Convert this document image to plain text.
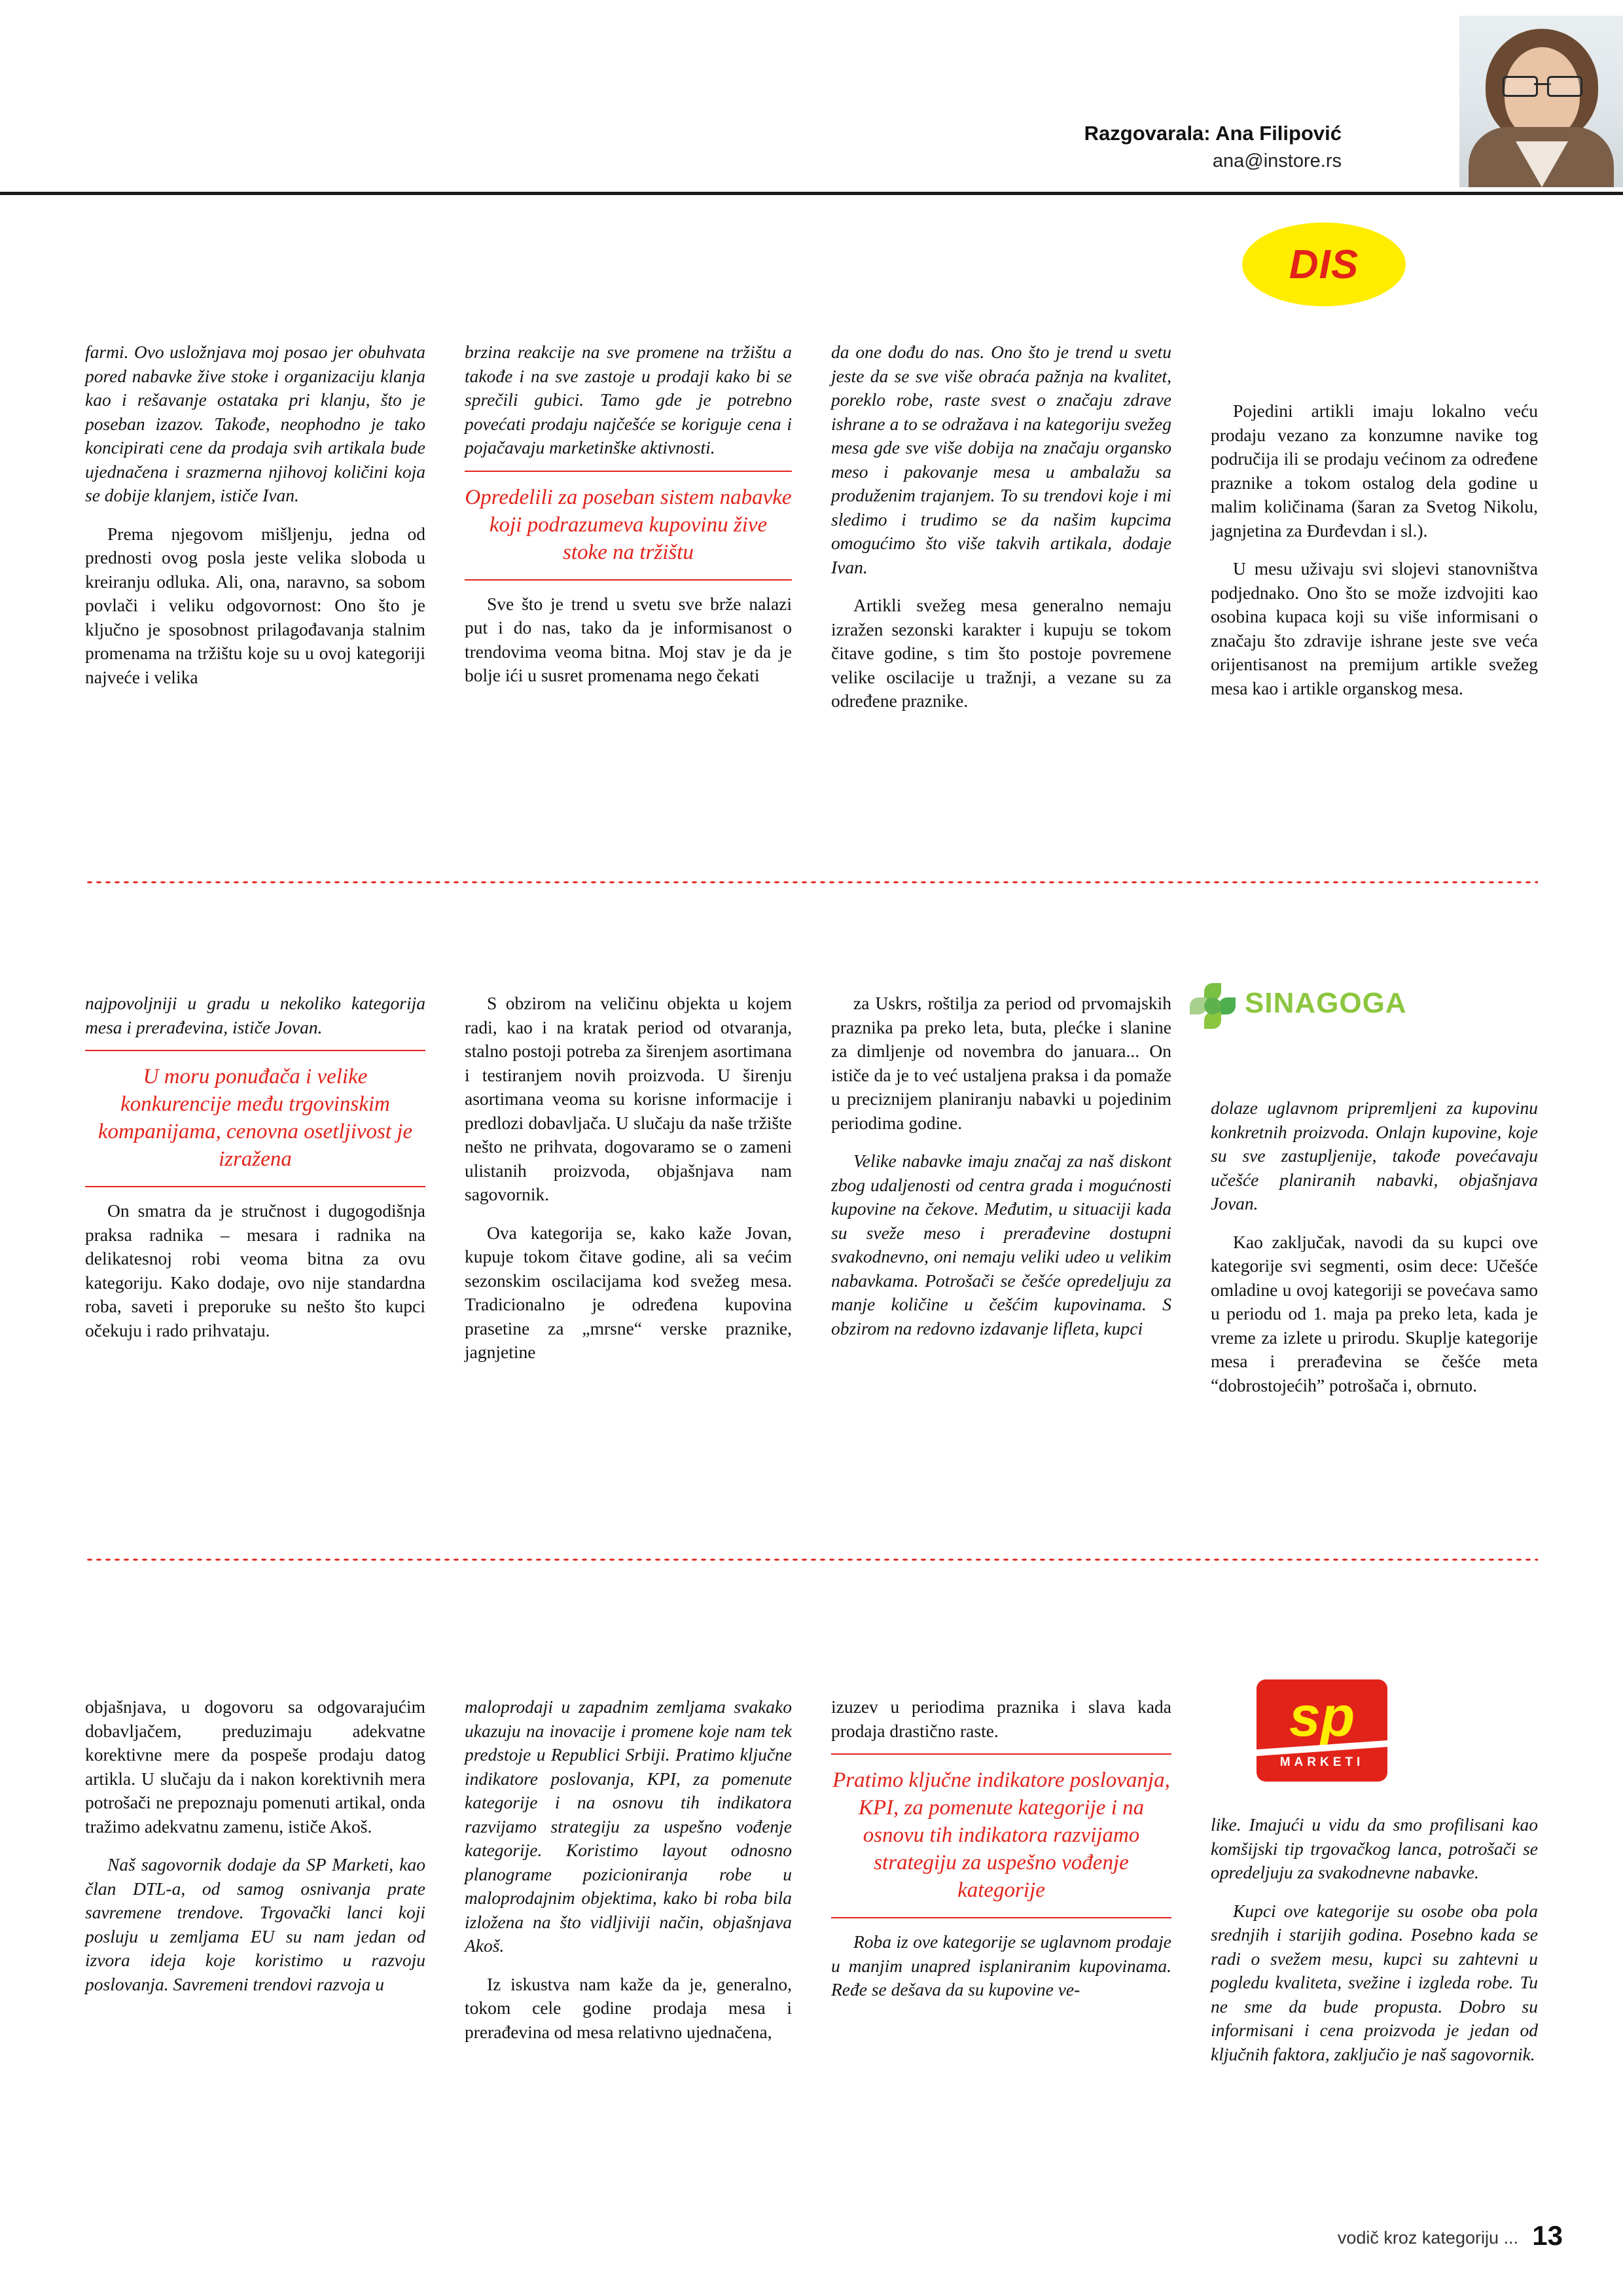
Razgovarala: Ana Filipović
ana@instore.rs
DIS

farmi. Ovo usložnjava moj posao jer obuhvata pored nabavke žive stoke i organizaciju klanja kao i rešavanje ostataka pri klanju, što je poseban izazov. Takođe, neophodno je tako koncipirati cene da prodaja svih artikala bude ujednačena i srazmerna njihovoj količini koja se dobije klanjem, ističe Ivan.

Prema njegovom mišljenju, jedna od prednosti ovog posla jeste velika sloboda u kreiranju odluka. Ali, ona, naravno, sa sobom povlači i veliku odgovornost: Ono što je ključno je sposobnost prilagođavanja stalnim promenama na tržištu koje su u ovoj kategoriji najveće i velika

brzina reakcije na sve promene na tržištu a takođe i na sve zastoje u prodaji kako bi se sprečili gubici. Tamo gde je potrebno povećati prodaju najčešće se koriguje cena i pojačavaju marketinške aktivnosti.

Opredelili za poseban sistem nabavke koji podrazumeva kupovinu žive stoke na tržištu

Sve što je trend u svetu sve brže nalazi put i do nas, tako da je informisanost o trendovima veoma bitna. Moj stav je da je bolje ići u susret promenama nego čekati

da one dođu do nas. Ono što je trend u svetu jeste da se sve više obraća pažnja na kvalitet, poreklo robe, raste svest o značaju zdrave ishrane a to se odražava i na kategoriju svežeg mesa gde sve više dobija na značaju organsko meso i pakovanje mesa u ambalažu sa produženim trajanjem. To su trendovi koje i mi sledimo i trudimo se da našim kupcima omogućimo što više takvih artikala, dodaje Ivan.

Artikli svežeg mesa generalno nemaju izražen sezonski karakter i kupuju se tokom čitave godine, s tim što postoje povremene velike oscilacije u tražnji, a vezane su za određene praznike.

Pojedini artikli imaju lokalno veću prodaju vezano za konzumne navike tog područija ili se prodaju većinom za određene praznike a tokom ostalog dela godine u malim količinama (šaran za Svetog Nikolu, jagnjetina za Đurđevdan i sl.).

U mesu uživaju svi slojevi stanovništva podjednako. Ono što se može izdvojiti kao osobina kupaca koji su više informisani o značaju što zdravije ishrane jeste sve veća orijentisanost na premijum artikle svežeg mesa kao i artikle organskog mesa.

SINAGOGA

najpovoljniji u gradu u nekoliko kategorija mesa i prerađevina, ističe Jovan.

U moru ponuđača i velike konkurencije među trgovinskim kompanijama, cenovna osetljivost je izražena

On smatra da je stručnost i dugogodišnja praksa radnika – mesara i radnika na delikatesnoj robi veoma bitna za ovu kategoriju. Kako dodaje, ovo nije standardna roba, saveti i preporuke su nešto što kupci očekuju i rado prihvataju.

S obzirom na veličinu objekta u kojem radi, kao i na kratak period od otvaranja, stalno postoji potreba za širenjem asortimana i testiranjem novih proizvoda. U širenju asortimana veoma su korisne informacije i predlozi dobavljača. U slučaju da naše tržište nešto ne prihvata, dogovaramo se o zameni ulistanih proizvoda, objašnjava nam sagovornik.

Ova kategorija se, kako kaže Jovan, kupuje tokom čitave godine, ali sa većim sezonskim oscilacijama kod svežeg mesa. Tradicionalno je određena kupovina prasetine za „mrsne“ verske praznike, jagnjetine

za Uskrs, roštilja za period od prvomajskih praznika pa preko leta, buta, plećke i slanine za dimljenje od novembra do januara... On ističe da je to već ustaljena praksa i da pomaže u preciznijem planiranju nabavki u pojedinim periodima godine.

Velike nabavke imaju značaj za naš diskont zbog udaljenosti od centra grada i mogućnosti kupovine na čekove. Međutim, u situaciji kada su sveže meso i prerađevine dostupni svakodnevno, oni nemaju veliki udeo u velikim nabavkama. Potrošači se češće opredeljuju za manje količine u češćim kupovinama. S obzirom na redovno izdavanje lifleta, kupci

dolaze uglavnom pripremljeni za kupovinu konkretnih proizvoda. Onlajn kupovine, koje su sve zastupljenije, takođe povećavaju učešće planiranih nabavki, objašnjava Jovan.

Kao zaključak, navodi da su kupci ove kategorije svi segmenti, osim dece: Učešće omladine u ovoj kategoriji se povećava samo u periodu od 1. maja pa preko leta, kada je vreme za izlete u prirodu. Skuplje kategorije mesa i prerađevina se češće meta “dobrostojećih” potrošača i, obrnuto.

sp
MARKETI

objašnjava, u dogovoru sa odgovarajućim dobavljačem, preduzimaju adekvatne korektivne mere da pospeše prodaju datog artikla. U slučaju da i nakon korektivnih mera potrošači ne prepoznaju pomenuti artikal, onda tražimo adekvatnu zamenu, ističe Akoš.

Naš sagovornik dodaje da SP Marketi, kao član DTL-a, od samog osnivanja prate savremene trendove. Trgovački lanci koji posluju u zemljama EU su nam jedan od izvora ideja koje koristimo u razvoju poslovanja. Savremeni trendovi razvoja u

maloprodaji u zapadnim zemljama svakako ukazuju na inovacije i promene koje nam tek predstoje u Republici Srbiji. Pratimo ključne indikatore poslovanja, KPI, za pomenute kategorije i na osnovu tih indikatora razvijamo strategiju za uspešno vođenje kategorije. Koristimo layout odnosno planograme pozicioniranja robe u maloprodajnim objektima, kako bi roba bila izložena na što vidljiviji način, objašnjava Akoš.

Iz iskustva nam kaže da je, generalno, tokom cele godine prodaja mesa i prerađevina od mesa relativno ujednačena,

izuzev u periodima praznika i slava kada prodaja drastično raste.

Pratimo ključne indikatore poslovanja, KPI, za pomenute kategorije i na osnovu tih indikatora razvijamo strategiju za uspešno vođenje kategorije

Roba iz ove kategorije se uglavnom prodaje u manjim unapred isplaniranim kupovinama. Ređe se dešava da su kupovine ve-

like. Imajući u vidu da smo profilisani kao komšijski tip trgovačkog lanca, potrošači se opredeljuju za svakodnevne nabavke.

Kupci ove kategorije su osobe oba pola srednjih i starijih godina. Posebno kada se radi o svežem mesu, kupci su zahtevni u pogledu kvaliteta, svežine i izgleda robe. Tu ne sme da bude propusta. Dobro su informisani i cena proizvoda je jedan od ključnih faktora, zaključio je naš sagovornik.

vodič kroz kategoriju ... 13
